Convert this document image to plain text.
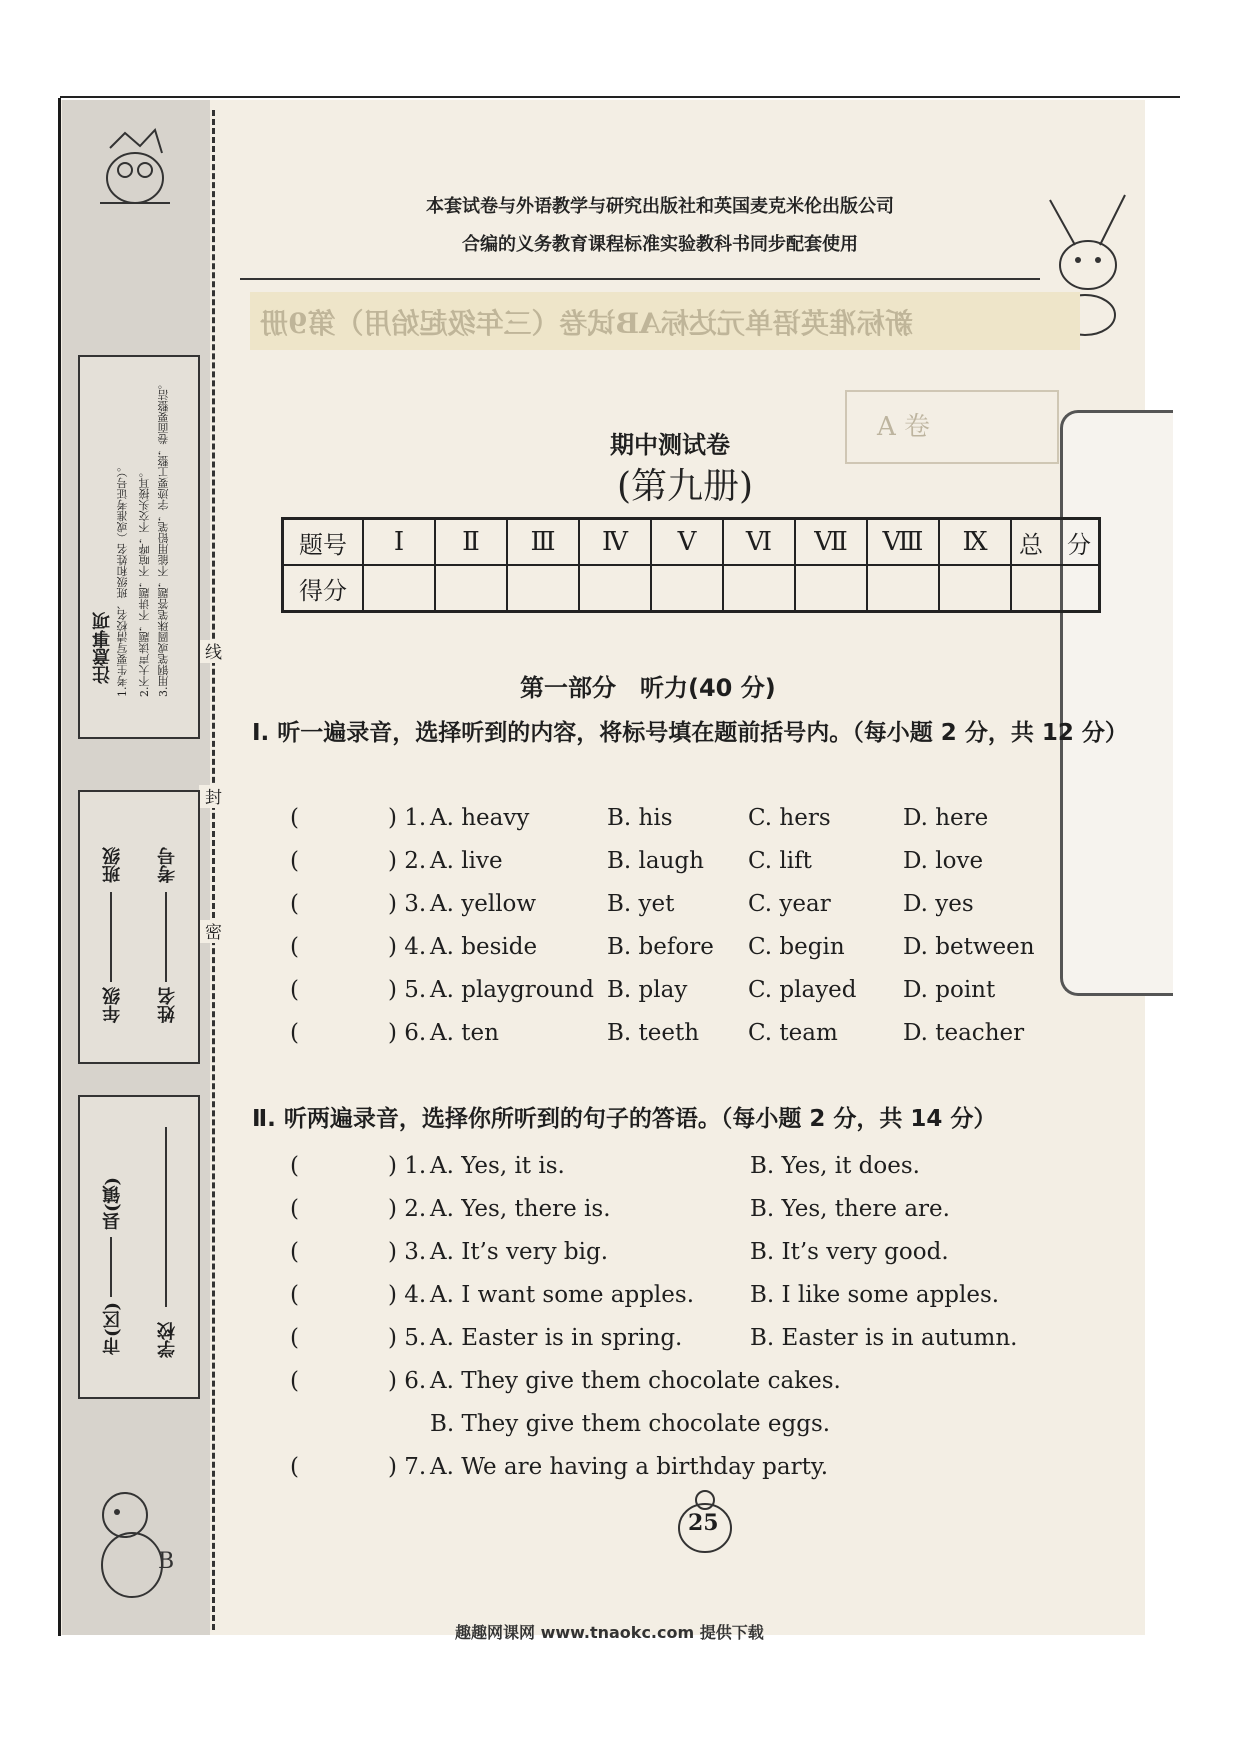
线
封
密
注意事项 1.考生要写清校名、班级和姓名（或准考证号）。 2.不大声读题，不讲题，不喧哗，不交头接耳。 3.用钢笔或圆珠笔答题，不能用铅笔，字迹要工整，卷面要整洁。
年级
班级
姓名
考号
市(区)
县(镇)
学校
B
本套试卷与外语教学与研究出版社和英国麦克米伦出版公司
合编的义务教育课程标准实验教科书同步配套使用
新标准英语单元达标AB试卷（三年级起始用）第9册
A 卷
期中测试卷
(第九册)
题号	Ⅰ	Ⅱ	Ⅲ	Ⅳ	Ⅴ	Ⅵ	Ⅶ	Ⅷ	Ⅸ	总　分
得分										
第一部分　听力(40 分)
Ⅰ. 听一遍录音，选择听到的内容，将标号填在题前括号内。（每小题 2 分，共 12 分）
(	) 1. A. heavy	B. his	C. hers	D. here
(	) 2. A. live	B. laugh C. lift	D. love
(	) 3. A. yellow	B. yet	C. year	D. yes
(	) 4. A. beside	B. before C. begin	D. between
(	) 5. A. playground B. play	C. played D. point
(	) 6. A. ten	B. teeth C. team	D. teacher
Ⅱ. 听两遍录音，选择你所听到的句子的答语。（每小题 2 分，共 14 分）
(	) 1. A. Yes, it is.	B. Yes, it does.
(	) 2. A. Yes, there is.	B. Yes, there are.
(	) 3. A. It’s very big.	B. It’s very good.
(	) 4. A. I want some apples. B. I like some apples.
(	) 5. A. Easter is in spring.	B. Easter is in autumn.
(	) 6. A. They give them chocolate cakes.
B. They give them chocolate eggs.
(	) 7. A. We are having a birthday party.
25
趣趣网课网 www.tnaokc.com 提供下载
